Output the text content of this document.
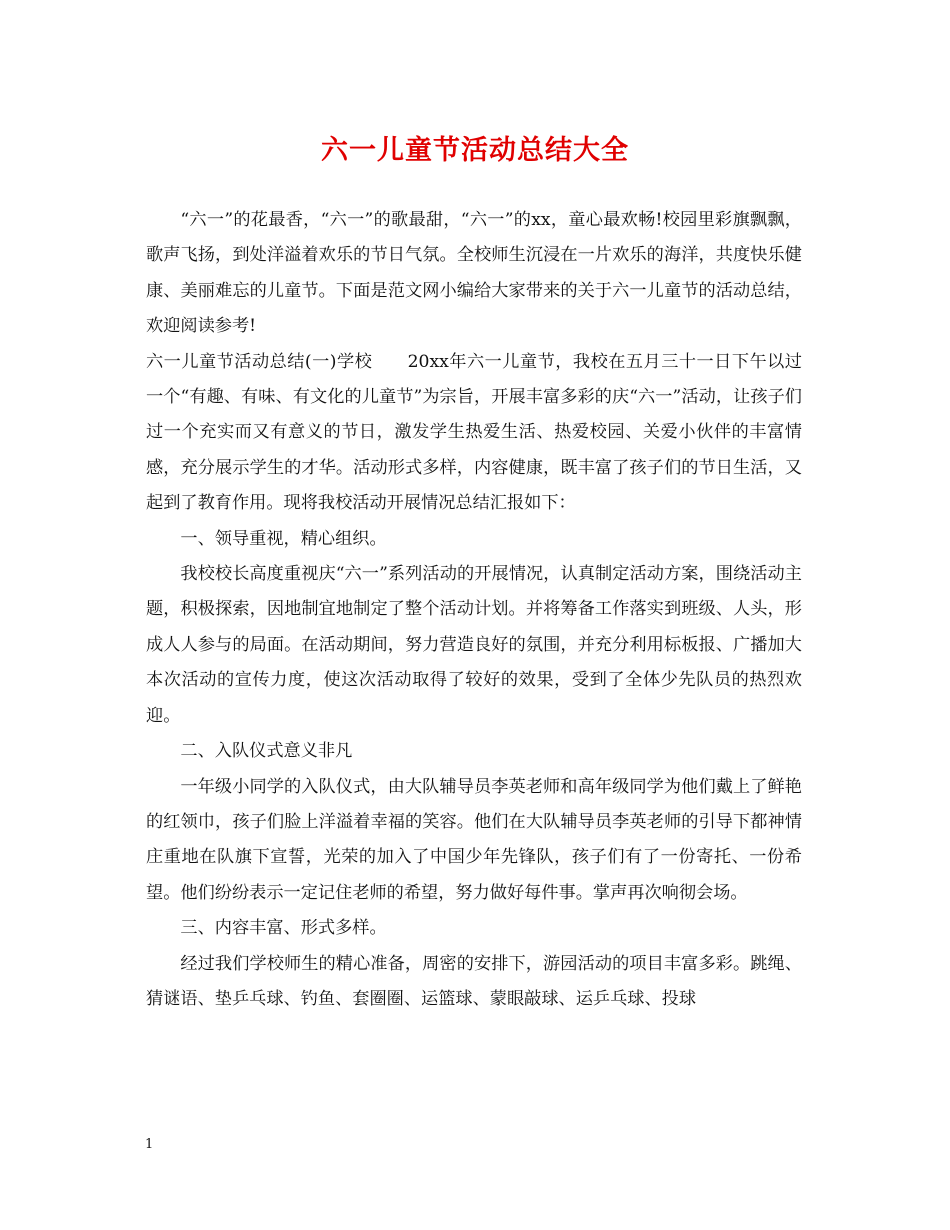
六一儿童节活动总结大全

“六一”的花最香，“六一”的歌最甜，“六一”的xx，童心最欢畅!校园里彩旗飘飘，歌声飞扬，到处洋溢着欢乐的节日气氛。全校师生沉浸在一片欢乐的海洋，共度快乐健康、美丽难忘的儿童节。下面是范文网小编给大家带来的关于六一儿童节的活动总结，欢迎阅读参考!

六一儿童节活动总结(一)学校　　20xx年六一儿童节，我校在五月三十一日下午以过一个“有趣、有味、有文化的儿童节”为宗旨，开展丰富多彩的庆“六一”活动，让孩子们过一个充实而又有意义的节日，激发学生热爱生活、热爱校园、关爱小伙伴的丰富情感，充分展示学生的才华。活动形式多样，内容健康，既丰富了孩子们的节日生活，又起到了教育作用。现将我校活动开展情况总结汇报如下：

一、领导重视，精心组织。

我校校长高度重视庆“六一”系列活动的开展情况，认真制定活动方案，围绕活动主题，积极探索，因地制宜地制定了整个活动计划。并将筹备工作落实到班级、人头，形成人人参与的局面。在活动期间，努力营造良好的氛围，并充分利用标板报、广播加大本次活动的宣传力度，使这次活动取得了较好的效果，受到了全体少先队员的热烈欢迎。

二、入队仪式意义非凡

一年级小同学的入队仪式，由大队辅导员李英老师和高年级同学为他们戴上了鲜艳的红领巾，孩子们脸上洋溢着幸福的笑容。他们在大队辅导员李英老师的引导下都神情庄重地在队旗下宣誓，光荣的加入了中国少年先锋队，孩子们有了一份寄托、一份希望。他们纷纷表示一定记住老师的希望，努力做好每件事。掌声再次响彻会场。

三、内容丰富、形式多样。

经过我们学校师生的精心准备，周密的安排下，游园活动的项目丰富多彩。跳绳、猜谜语、垫乒乓球、钓鱼、套圈圈、运篮球、蒙眼敲球、运乒乓球、投球

1
